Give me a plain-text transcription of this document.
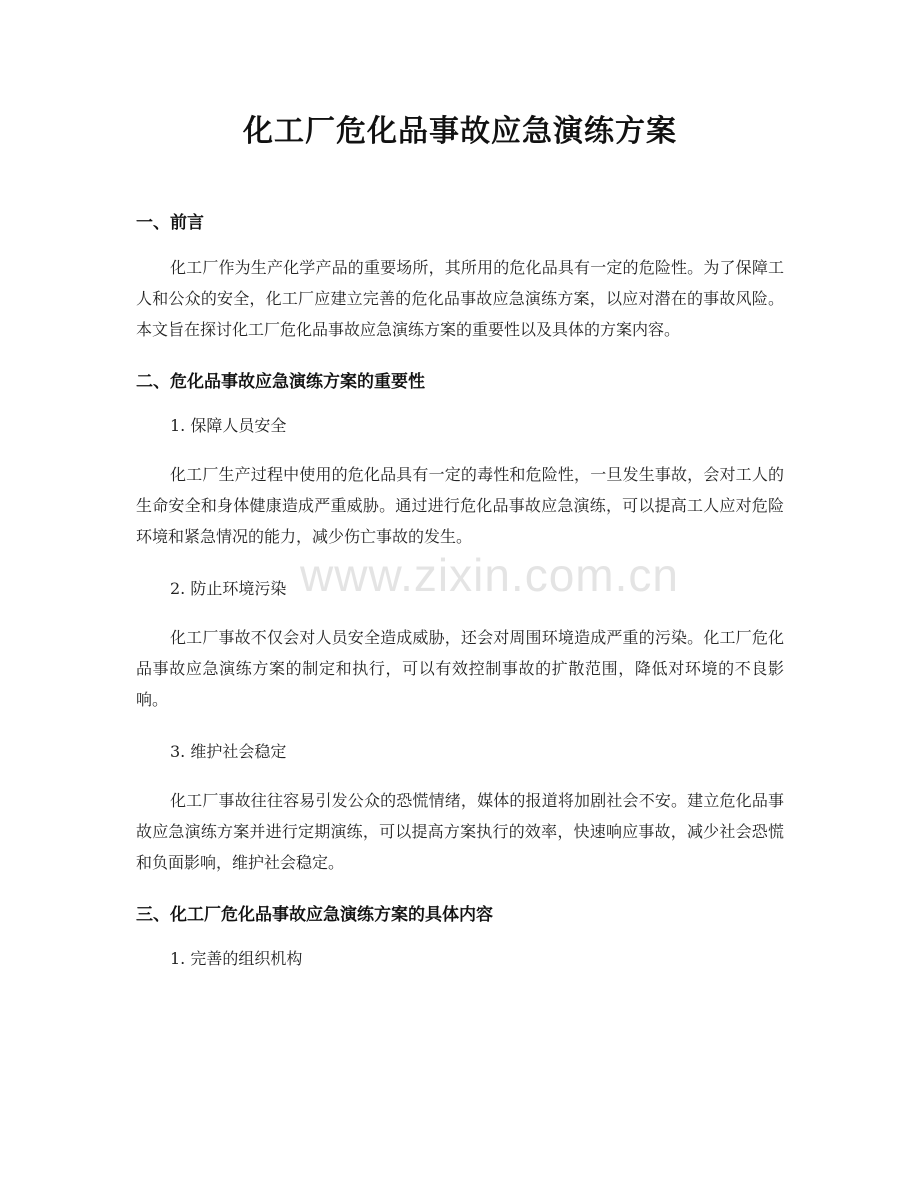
化工厂危化品事故应急演练方案
一、前言

化工厂作为生产化学产品的重要场所，其所用的危化品具有一定的危险性。为了保障工人和公众的安全，化工厂应建立完善的危化品事故应急演练方案，以应对潜在的事故风险。本文旨在探讨化工厂危化品事故应急演练方案的重要性以及具体的方案内容。

二、危化品事故应急演练方案的重要性

1. 保障人员安全

化工厂生产过程中使用的危化品具有一定的毒性和危险性，一旦发生事故，会对工人的生命安全和身体健康造成严重威胁。通过进行危化品事故应急演练，可以提高工人应对危险环境和紧急情况的能力，减少伤亡事故的发生。

2. 防止环境污染

化工厂事故不仅会对人员安全造成威胁，还会对周围环境造成严重的污染。化工厂危化品事故应急演练方案的制定和执行，可以有效控制事故的扩散范围，降低对环境的不良影响。

3. 维护社会稳定

化工厂事故往往容易引发公众的恐慌情绪，媒体的报道将加剧社会不安。建立危化品事故应急演练方案并进行定期演练，可以提高方案执行的效率，快速响应事故，减少社会恐慌和负面影响，维护社会稳定。

三、化工厂危化品事故应急演练方案的具体内容

1. 完善的组织机构

www.zixin.com.cn
